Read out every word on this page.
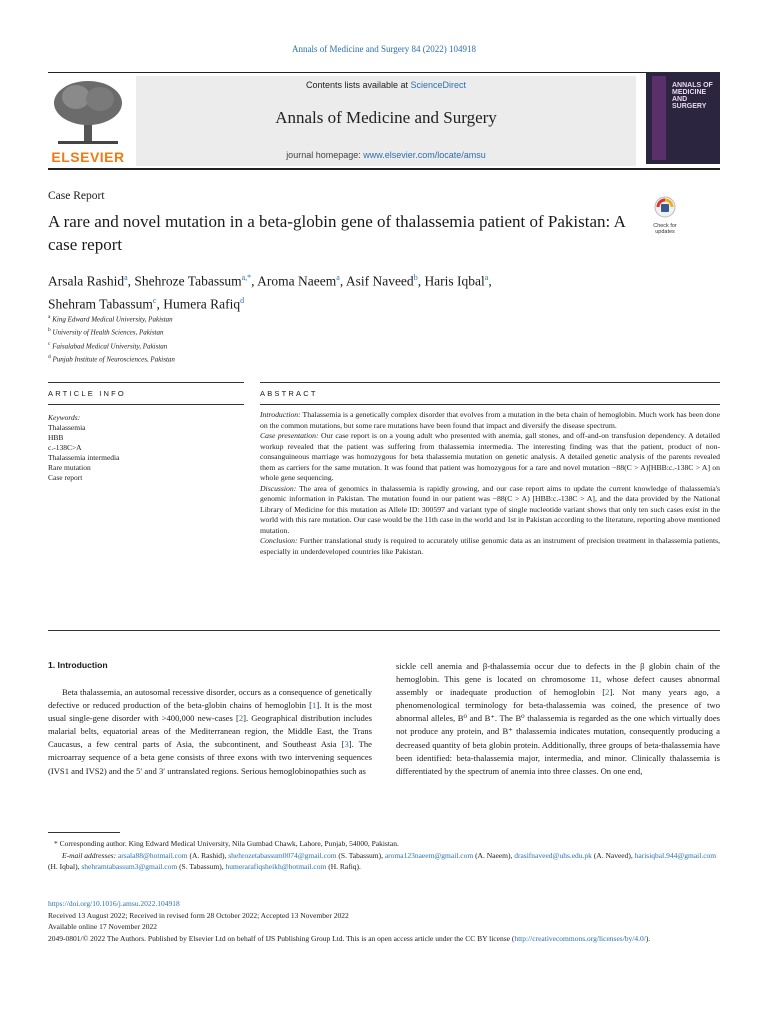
Annals of Medicine and Surgery 84 (2022) 104918
ELSEVIER
Contents lists available at ScienceDirect
Annals of Medicine and Surgery
journal homepage: www.elsevier.com/locate/amsu
ANNALS OF MEDICINE AND SURGERY
Case Report
A rare and novel mutation in a beta-globin gene of thalassemia patient of Pakistan: A case report
Check for updates
Arsala Rashid$^a$, Shehroze Tabassum$^{a,*}$, Aroma Naeem$^a$, Asif Naveed$^b$, Haris Iqbal$^a$,
Shehram Tabassum$^c$, Humera Rafiq$^d$
$^a$ King Edward Medical University, Pakistan
$^b$ University of Health Sciences, Pakistan
$^c$ Faisalabad Medical University, Pakistan
$^d$ Punjab Institute of Neurosciences, Pakistan
ARTICLE INFO	ABSTRACT
Keywords:
Thalassemia
HBB
c.-138C>A
Thalassemia intermedia
Rare mutation
Case report

Introduction: Thalassemia is a genetically complex disorder that evolves from a mutation in the beta chain of hemoglobin. Much work has been done on the common mutations, but some rare mutations have been found that impact and diversify the disease spectrum.

Case presentation: Our case report is on a young adult who presented with anemia, gall stones, and off-and-on transfusion dependency. A detailed workup revealed that the patient was suffering from thalassemia intermedia. The interesting finding was that the patient, product of non-consanguineous marriage was homozygous for beta thalassemia mutation on genetic analysis. A detailed genetic analysis of the parents revealed them as carriers for the same mutation. It was found that patient was homozygous for a rare and novel mutation −88(C > A)[HBB:c.-138C > A] on whole gene sequencing.

Discussion: The area of genomics in thalassemia is rapidly growing, and our case report aims to update the current knowledge of thalassemia's genomic information in Pakistan. The mutation found in our patient was −88(C > A) [HBB:c.-138C > A], and the data provided by the National Library of Medicine for this mutation as Allele ID: 300597 and variant type of single nucleotide variant shows that only ten such cases exist in the world with this rare mutation. Our case would be the 11th case in the world and 1st in Pakistan according to the literature, reporting above mentioned mutation.

Conclusion: Further translational study is required to accurately utilise genomic data as an instrument of precision treatment in thalassemia patients, especially in underdeveloped countries like Pakistan.

1. Introduction

Beta thalassemia, an autosomal recessive disorder, occurs as a consequence of genetically defective or reduced production of the beta-globin chains of hemoglobin [1]. It is the most usual single-gene disorder with >400,000 new-cases [2]. Geographical distribution includes malarial belts, equatorial areas of the Mediterranean region, the Middle East, the Trans Caucasus, a few central parts of Asia, the subcontinent, and Southeast Asia [3]. The microarray sequence of a beta gene consists of three exons with two intervening sequences (IVS1 and IVS2) and the 5′ and 3′ untranslated regions. Serious hemoglobinopathies such as

sickle cell anemia and β-thalassemia occur due to defects in the β globin chain of the hemoglobin. This gene is located on chromosome 11, whose defect causes abnormal assembly or inadequate production of hemoglobin [2]. Not many years ago, a phenomenological terminology for beta-thalassemia was coined, the presence of two abnormal alleles, B⁰ and B⁺. The B⁰ thalassemia is regarded as the one which virtually does not produce any protein, and B⁺ thalassemia indicates mutation, consequently producing a decreased quantity of beta globin protein. Additionally, three groups of beta-thalassemia have been identified: beta-thalassemia major, intermedia, and minor. Clinically thalassemia is differentiated by the spectrum of anemia into three classes. On one end,

* Corresponding author. King Edward Medical University, Nila Gumbad Chawk, Lahore, Punjab, 54000, Pakistan.

E-mail addresses: arsala88@hotmail.com (A. Rashid), shehrozetabassum0074@gmail.com (S. Tabassum), aroma123naeem@gmail.com (A. Naeem), drasifnaveed@uhs.edu.pk (A. Naveed), harisiqbal.944@gmail.com (H. Iqbal), shehramtabassum3@gmail.com (S. Tabassum), humerarafiqsheikh@hotmail.com (H. Rafiq).

https://doi.org/10.1016/j.amsu.2022.104918

Received 13 August 2022; Received in revised form 28 October 2022; Accepted 13 November 2022

Available online 17 November 2022

2049-0801/© 2022 The Authors. Published by Elsevier Ltd on behalf of IJS Publishing Group Ltd. This is an open access article under the CC BY license (http://creativecommons.org/licenses/by/4.0/).
